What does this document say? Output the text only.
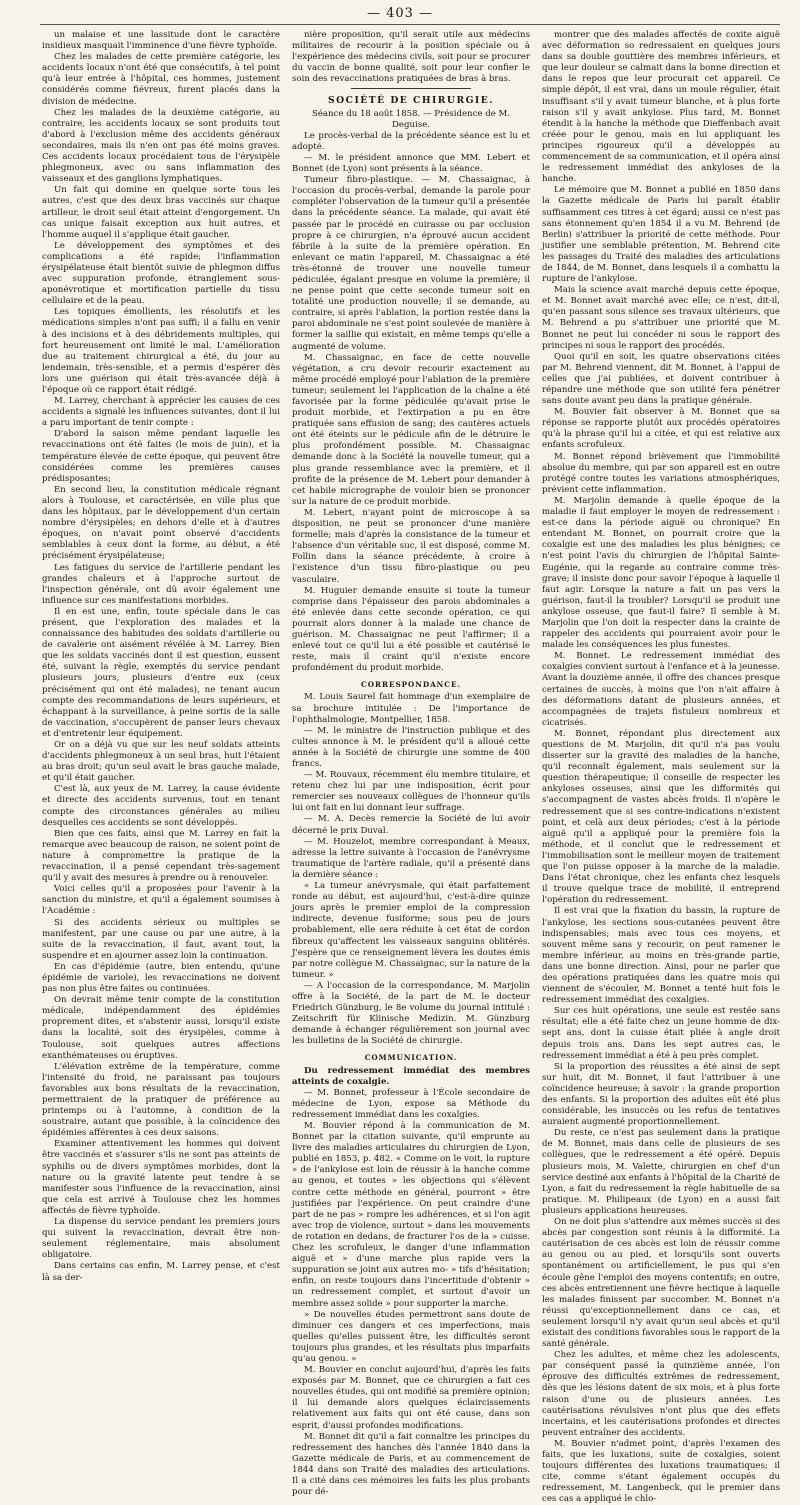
— 403 —

un malaise et une lassitude dont le caractère insidieux masquait l'imminence d'une fièvre typhoïde.

Chez les malades de cette première catégorie, les accidents locaux n'ont été que consécutifs, à tel point qu'à leur entrée à l'hôpital, ces hommes, justement considérés comme fiévreux, furent placés dans la division de médecine.

Chez les malades de la deuxième catégorie, au contraire, les accidents locaux se sont produits tout d'abord à l'exclusion même des accidents généraux secondaires, mais ils n'en ont pas été moins graves. Ces accidents locaux procédaient tous de l'érysipèle phlegmoneux, avec ou sans inflammation des vaisseaux et des ganglions lymphatiques.

Un fait qui domine en quelque sorte tous les autres, c'est que des deux bras vaccinés sur chaque artilleur, le droit seul était atteint d'engorgement. Un cas unique faisait exception aux huit autres, et l'homme auquel il s'applique était gaucher.

Le développement des symptômes et des complications a été rapide; l'inflammation érysipélateuse était bientôt suivie de phlegmon diffus avec suppuration profonde, étranglement sous-aponévrotique et mortification partielle du tissu cellulaire et de la peau.

Les topiques émollients, les résolutifs et les médications simples n'ont pas suffi; il a fallu en venir à des incisions et à des débridements multiples, qui fort heureusement ont limité le mal. L'amélioration due au traitement chirurgical a été, du jour au lendemain, très-sensible, et a permis d'espérer dès lors une guérison qui était très-avancée déjà à l'époque où ce rapport était rédigé.

M. Larrey, cherchant à apprécier les causes de ces accidents a signalé les influences suivantes, dont il lui a paru important de tenir compte :

D'abord la saison même pendant laquelle les revaccinations ont été faites (le mois de juin), et la température élevée de cette époque, qui peuvent être considérées comme les premières causes prédisposantes;

En second lieu, la constitution médicale régnant alors à Toulouse, et caractérisée, en ville plus que dans les hôpitaux, par le développement d'un certain nombre d'érysipèles; en dehors d'elle et à d'autres époques, on n'avait point observé d'accidents semblables à ceux dont la forme, au début, a été précisément érysipélateuse;

Les fatigues du service de l'artillerie pendant les grandes chaleurs et à l'approche surtout de l'inspection générale, ont dû avoir également une influence sur ces manifestations morbides.

Il en est une, enfin, toute spéciale dans le cas présent, que l'exploration des malades et la connaissance des habitudes des soldats d'artillerie ou de cavalerie ont aisément révélée à M. Larrey. Bien que les soldats vaccinés dont il est question, eussent été, suivant la règle, exemptés du service pendant plusieurs jours, plusieurs d'entre eux (ceux précisément qui ont été malades), ne tenant aucun compte des recommandations de leurs supérieurs, et échappant à la surveillance, à peine sortis de la salle de vaccination, s'occupèrent de panser leurs chevaux et d'entretenir leur équipement.

Or on a déjà vu que sur les neuf soldats atteints d'accidents phlegmoneux à un seul bras, huit l'étaient au bras droit; qu'un seul avait le bras gauche malade, et qu'il était gaucher.

C'est là, aux yeux de M. Larrey, la cause évidente et directe des accidents survenus, tout en tenant compte des circonstances générales au milieu desquelles ces accidents se sont développés.

Bien que ces faits, ainsi que M. Larrey en fait la remarque avec beaucoup de raison, ne soient point de nature à compromettre la pratique de la revaccination, il a pensé cependant très-sagement qu'il y avait des mesures à prendre ou à renouveler.

Voici celles qu'il a proposées pour l'avenir à la sanction du ministre, et qu'il a également soumises à l'Académie :

Si des accidents sérieux ou multiples se manifestent, par une cause ou par une autre, à la suite de la revaccination, il faut, avant tout, la suspendre et en ajourner assez loin la continuation.

En cas d'épidémie (autre, bien entendu, qu'une épidémie de variole), les revaccinations ne doivent pas non plus être faites ou continuées.

On devrait même tenir compte de la constitution médicale, indépendamment des épidémies proprement dites, et s'abstenir aussi, lorsqu'il existe dans la localité, soit des érysipèles, comme à Toulouse, soit quelques autres affections exanthémateuses ou éruptives.

L'élévation extrême de la température, comme l'intensité du froid, ne paraissant pas toujours favorables aux bons résultats de la revaccination, permettraient de la pratiquer de préférence au printemps ou à l'automne, à condition de la soustraire, autant que possible, à la coïncidence des épidémies afférentes à ces deux saisons.

Examiner attentivement les hommes qui doivent être vaccinés et s'assurer s'ils ne sont pas atteints de syphilis ou de divers symptômes morbides, dont la nature ou la gravité latente peut tendre à se manifester sous l'influence de la revaccination, ainsi que cela est arrivé à Toulouse chez les hommes affectés de fièvre typhoïde.

La dispense du service pendant les premiers jours qui suivent la revaccination, devrait être non-seulement réglementaire, mais absolument obligatoire.

Dans certains cas enfin, M. Larrey pense, et c'est là sa der-

nière proposition, qu'il serait utile aux médecins militaires de recourir à la position spéciale ou à l'expérience des médecins civils, soit pour se procurer du vaccin de bonne qualité, soit pour leur confier le soin des revaccinations pratiquées de bras à bras.

SOCIÉTÉ DE CHIRURGIE.

Séance du 18 août 1858. — Présidence de M. Deguise.

Le procès-verbal de la précédente séance est lu et adopté.

— M. le président annonce que MM. Lebert et Bonnet (de Lyon) sont présents à la séance.

Tumeur fibro-plastique. — M. Chassaignac, à l'occasion du procès-verbal, demande la parole pour compléter l'observation de la tumeur qu'il a présentée dans la précédente séance. La malade, qui avait été passée par le procédé en cuirasse ou par occlusion propre à ce chirurgien, n'a éprouvé aucun accident fébrile à la suite de la première opération. En enlevant ce matin l'appareil, M. Chassaignac a été très-étonné de trouver une nouvelle tumeur pédiculée, égalant presque en volume la première; il ne pense point que cette seconde tumeur soit en totalité une production nouvelle; il se demande, au contraire, si après l'ablation, la portion restée dans la paroi abdominale ne s'est point soulevée de manière à former la saillie qui existait, en même temps qu'elle a augmenté de volume.

M. Chassaignac, en face de cette nouvelle végétation, a cru devoir recourir exactement au même procédé employé pour l'ablation de la première tumeur; seulement lei l'application de la chaîne a été favorisée par la forme pédiculée qu'avait prise le produit morbide, et l'extirpation a pu en être pratiquée sans effusion de sang; des cautères actuels ont été éteints sur le pédicule afin de le détruire le plus profondément possible. M. Chassaignac demande donc à la Société la nouvelle tumeur, qui a plus grande ressemblance avec la première, et il profite de la présence de M. Lebert pour demander à cet habile micrographe de vouloir bien se prononcer sur la nature de ce produit morbide.

M. Lebert, n'ayant point de microscope à sa disposition, ne peut se prononcer d'une manière formelle; mais d'après la consistance de la tumeur et l'absence d'un véritable suc, il est disposé, comme M. Follin dans la séance précédente, à croire à l'existence d'un tissu fibro-plastique ou peu vasculaire.

M. Huguier demande ensuite si toute la tumeur comprise dans l'épaisseur des parois abdominales a été enlevée dans cette seconde opération, ce qui pourrait alors donner à la malade une chance de guérison. M. Chassaignac ne peut l'affirmer; il a enlevé tout ce qu'il lui a été possible et cautérisé le reste, mais il craint qu'il n'existe encore profondément du produit morbide.

CORRESPONDANCE.

M. Louis Saurel fait hommage d'un exemplaire de sa brochure intitulée : De l'importance de l'ophthalmologie, Montpellier, 1858.

— M. le ministre de l'instruction publique et des cultes annonce à M. le président qu'il a alloué cette année à la Société de chirurgie une somme de 400 francs.

— M. Rouvaux, récemment élu membre titulaire, et retenu chez lui par une indisposition, écrit pour remercier ses nouveaux collègues de l'honneur qu'ils lui ont fait en lui donnant leur suffrage.

— M. A. Decès remercie la Société de lui avoir décerné le prix Duval.

— M. Houzelot, membre correspondant à Meaux, adresse la lettre suivante à l'occasion de l'anévrysme traumatique de l'artère radiale, qu'il a présenté dans la dernière séance :

« La tumeur anévrysmale, qui était parfaitement ronde au début, est aujourd'hui, c'est-à-dire quinze jours après le premier emploi de la compression indirecte, devenue fusiforme; sous peu de jours probablement, elle sera réduite à cet état de cordon fibreux qu'affectent les vaisseaux sanguins oblitérés. J'espère que ce renseignement lèvera les doutes émis par notre collègue M. Chassaignac, sur la nature de la tumeur. »

— A l'occasion de la correspondance, M. Marjolin offre à la Société, de la part de M. le docteur Friedrich Günzburg, le 8e volume du journal intitulé : Zeitschrift für Klinische Medizin. M. Günzburg demande à échanger régulièrement son journal avec les bulletins de la Société de chirurgie.

COMMUNICATION.

Du redressement immédiat des membres atteints de coxalgie.

— M. Bonnet, professeur à l'École secondaire de médecine de Lyon, expose sa Méthode du redressement immédiat dans les coxalgies.

M. Bouvier répond à la communication de M. Bonnet par la citation suivante, qu'il emprunte au livre des maladies articulaires du chirurgien de Lyon, publié en 1853, p. 482. « Comme on le voit, la rupture » de l'ankylose est loin de réussir à la hanche comme au genou, et toutes » les objections qui s'élèvent contre cette méthode en général, pourront » être justifiées par l'expérience. On peut craindre d'une part de ne pas » rompre les adhérences, et si l'on agit avec trop de violence, surtout » dans les mouvements de rotation en dedans, de fracturer l'os de la » cuisse. Chez les scrofuleux, le danger d'une inflammation aiguë et » d'une marche plus rapide vers la suppuration se joint aux autres mo- » tifs d'hésitation; enfin, on reste toujours dans l'incertitude d'obtenir » un redressement complet, et surtout d'avoir un membre assez solide » pour supporter la marche.

» De nouvelles études permettront sans doute de diminuer ces dangers et ces imperfections, mais quelles qu'elles puissent être, les difficultés seront toujours plus grandes, et les résultats plus imparfaits qu'au genou. »

M. Bouvier en conclut aujourd'hui, d'après les faits exposés par M. Bonnet, que ce chirurgien a fait ces nouvelles études, qui ont modifié sa première opinion; il lui demande alors quelques éclaircissements relativement aux faits qui ont été cause, dans son esprit, d'aussi profondes modifications.

M. Bonnet dit qu'il a fait connaître les principes du redressement des hanches dès l'année 1840 dans la Gazette médicale de Paris, et au commencement de 1844 dans son Traité des maladies des articulations. Il a cité dans ces mémoires les faits les plus probants pour dé-

montrer que des malades affectés de coxite aiguë avec déformation so redressaient en quelques jours dans sa double gouttière des membres inférieurs, et que leur douleur se calmait dans la bonne direction et dans le repos que leur procurait cet appareil. Ce simple dépôt, il est vrai, dans un moule régulier, était insuffisant s'il y avait tumeur blanche, et à plus forte raison s'il y avait ankylose. Plus tard, M. Bonnet étendit à la hanche la méthode que Dieffenbach avait créée pour le genou, mais en lui appliquant les principes rigoureux qu'il a développés au commencement de sa communication, et il opéra ainsi le redressement immédiat des ankyloses de la hanche.

Le mémoire que M. Bonnet a publié en 1850 dans la Gazette médicale de Paris lui paraît établir suffisamment ces titres à cet égard; aussi ce n'est pas sans étonnement qu'en 1854 il a vu M. Behrend (de Berlin) s'attribuer la priorité de cette méthode. Pour justifier une semblable prétention, M. Behrend cite les passages du Traité des maladies des articulations de 1844, de M. Bonnet, dans lesquels il a combattu la rupture de l'ankylose.

Mais la science avait marché depuis cette époque, et M. Bonnet avait marché avec elle; ce n'est, dit-il, qu'en passant sous silence ses travaux ultérieurs, que M. Behrend a pu s'attribuer une priorité que M. Bonnet ne peut lui concéder ni sous le rapport des principes ni sous le rapport des procédés.

Quoi qu'il en soit, les quatre observations citées par M. Behrend viennent, dit M. Bonnet, à l'appui de celles que j'ai publiées, et doivent contribuer à répandre une méthode que son utilité fera pénétrer sans doute avant peu dans la pratique générale.

M. Bouvier fait observer à M. Bonnet que sa réponse se rapporte plutôt aux procédés opératoires qu'à la phrase qu'il lui a citée, et qui est relative aux enfants scrofuleux.

M. Bonnet répond brièvement que l'immobilité absolue du membre, qui par son appareil est en outre protégé contre toutes les variations atmosphériques, prévient cette inflammation.

M. Marjolin demande à quelle époque de la maladie il faut employer le moyen de redressement : est-ce dans la période aiguë ou chronique? En entendant M. Bonnet, on pourrait croire que la coxalgie est une des maladies les plus bénignes; ce n'est point l'avis du chirurgien de l'hôpital Sainte-Eugénie, qui la regarde au contraire comme très-grave; il insiste donc pour savoir l'époque à laquelle il faut agir. Lorsque la nature a fait un pas vers la guérison, faut-il la troubler? Lorsqu'il se produit une ankylose osseuse, que faut-il faire? Il semble à M. Marjolin que l'on doit la respecter dans la crainte de rappeler des accidents qui pourraient avoir pour le malade les conséquences les plus funestes.

M. Bonnet. Le redressement immédiat des coxalgies convient surtout à l'enfance et à la jeunesse. Avant la douzième année, il offre des chances presque certaines de succès, à moins que l'on n'ait affaire à des déformations datant de plusieurs années, et accompagnées de trajets fistuleux nombreux et cicatrisés.

M. Bonnet, répondant plus directement aux questions de M. Marjolin, dit qu'il n'a pas voulu disserter sur la gravité des maladies de la hanche, qu'il reconnaît également, mais seulement sur la question thérapeutique; il conseille de respecter les ankyloses osseuses, ainsi que les difformités qui s'accompagnent de vastes abcès froids. Il n'opère le redressement que si ses contre-indications n'existent point, et celà aux deux périodes; c'est à la période aiguë qu'il a appliqué pour la première fois la méthode, et il conclut que le redressement et l'immobilisation sont le meilleur moyen de traitement que l'on puisse opposer à la marche de la maladie. Dans l'état chronique, chez les enfants chez lesquels il trouve quelque trace de mobilité, il entreprend l'opération du redressement.

Il est vrai que la fixation du bassin, la rupture de l'ankylose, les sections sous-cutanées peuvent être indispensables; mais avec tous ces moyens, et souvent même sans y recourir, on peut ramener le membre inférieur, au moins en très-grande partie, dans une bonne direction. Ainsi, pour ne parler que des opérations pratiquées dans les quatre mois qui viennent de s'écouler, M. Bonnet a tenté huit fois le redressement immédiat des coxalgies.

Sur ces huit opérations, une seule est restée sans résultat; elle a été faite chez un jeune homme de dix-sept ans, dont la cuisse était pliée à angle droit depuis trois ans. Dans les sept autres cas, le redressement immédiat a été à peu près complet.

Si la proportion des réussites a été ainsi de sept sur huit, dit M. Bonnet, il faut l'attribuer à une coïncidence heureuse; à savoir : la grande proportion des enfants. Si la proportion des adultes eût été plus considérable, les insuccès ou les refus de tentatives auraient augmenté proportionnellement.

Du reste, ce n'est pas seulement dans la pratique de M. Bonnet, mais dans celle de plusieurs de ses collègues, que le redressement a été opéré. Depuis plusieurs mois, M. Valette, chirurgien en chef d'un service destiné aux enfants à l'hôpital de la Charité de Lyon, a fait du redressement la règle habituelle de sa pratique. M. Philipeaux (de Lyon) en a aussi fait plusieurs applications heureuses.

On ne doit plus s'attendre aux mêmes succès si des abcès par congestion sont réunis à la difformité. La cautérisation de ces abcès est loin de réussir comme au genou ou au pied, et lorsqu'ils sont ouverts spontanément ou artificiellement, le pus qui s'en écoule gêne l'emploi des moyens contentifs; en outre, ces abcès entretiennent une fièvre hectique à laquelle les malades finissent par succomber. M. Bonnet n'a réussi qu'exceptionnellement dans ce cas, et seulement lorsqu'il n'y avait qu'un seul abcès et qu'il existait des conditions favorables sous le rapport de la santé générale.

Chez les adultes, et même chez les adolescents, par conséquent passé la quinzième année, l'on éprouve des difficultés extrêmes de redressement, dès que les lésions datent de six mois, et à plus forte raison d'une ou de plusieurs années. Les cautérisations révulsives n'ont plus que des effets incertains, et les cautérisations profondes et directes peuvent entraîner des accidents.

M. Bouvier n'admet point, d'après l'examen des faits, que les luxations, suite de coxalgies, soient toujours différentes des luxations traumatiques; il cite, comme s'étant également occupés du redressement, M. Langenbeck, qui le premier dans ces cas a appliqué le chlo-
